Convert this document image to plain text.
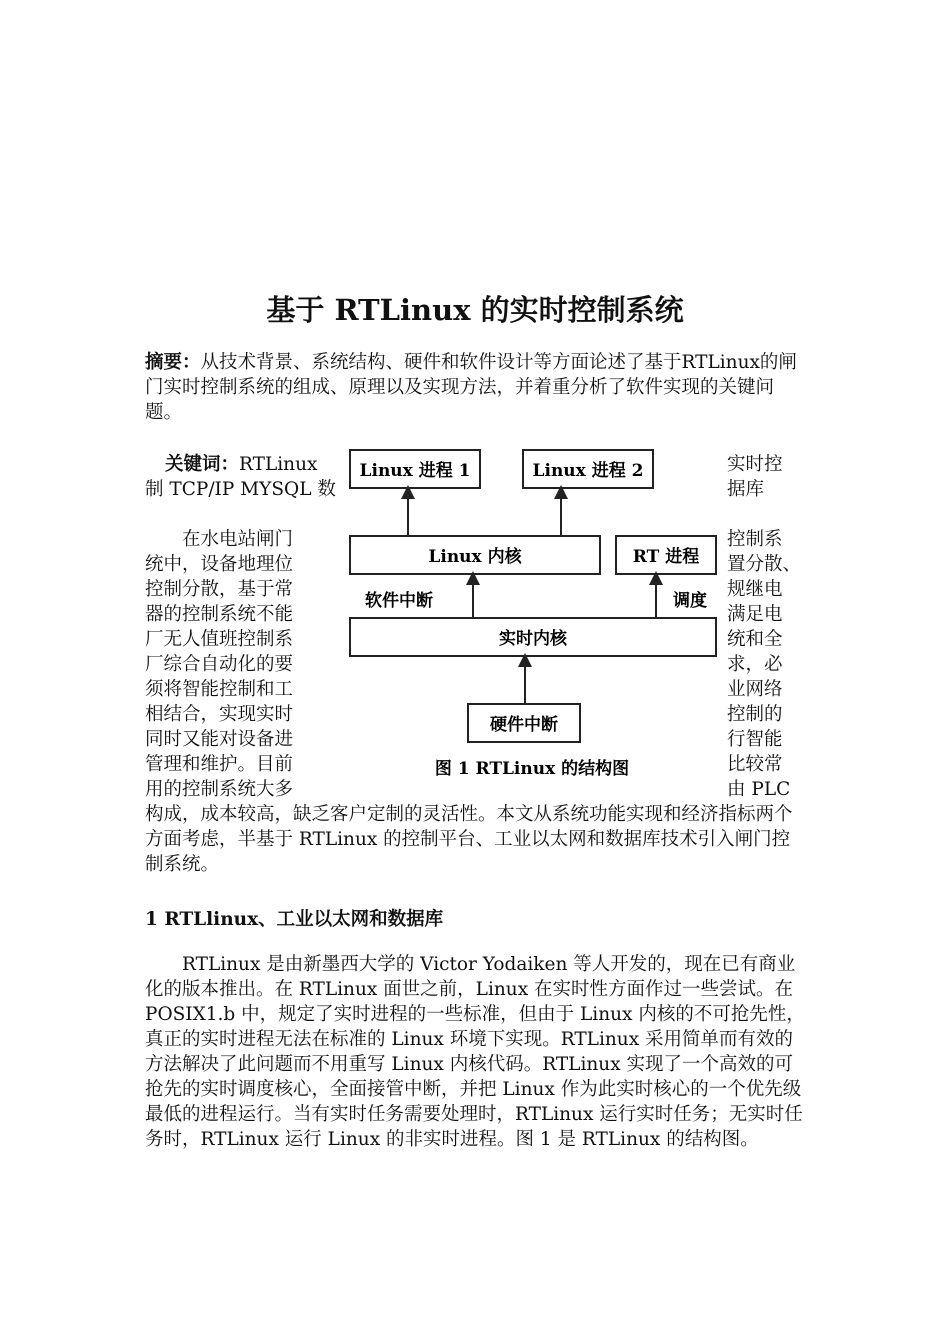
基于 RTLinux 的实时控制系统

摘要：从技术背景、系统结构、硬件和软件设计等方面论述了基于RTLinux的闸门实时控制系统的组成、原理以及实现方法，并着重分析了软件实现的关键问题。

关键词：RTLinux
制 TCP/IP MYSQL 数
　　在水电站闸门
统中，设备地理位
控制分散，基于常
器的控制系统不能
厂无人值班控制系
厂综合自动化的要
须将智能控制和工
相结合，实现实时
同时又能对设备进
管理和维护。目前
用的控制系统大多
实时控
据库
控制系
置分散、
规继电
满足电
统和全
求，必
业网络
控制的
行智能
比较常
由 PLC
Linux 进程 1	Linux 进程 2
Linux 内核	RT 进程
软件中断	调度
实时内核
硬件中断
图 1 RTLinux 的结构图

构成，成本较高，缺乏客户定制的灵活性。本文从系统功能实现和经济指标两个方面考虑，半基于 RTLinux 的控制平台、工业以太网和数据库技术引入闸门控制系统。

1 RTLlinux、工业以太网和数据库

　　RTLinux 是由新墨西大学的 Victor Yodaiken 等人开发的，现在已有商业化的版本推出。在 RTLinux 面世之前，Linux 在实时性方面作过一些尝试。在 POSIX1.b 中，规定了实时进程的一些标准，但由于 Linux 内核的不可抢先性，真正的实时进程无法在标准的 Linux 环境下实现。RTLinux 采用简单而有效的方法解决了此问题而不用重写 Linux 内核代码。RTLinux 实现了一个高效的可抢先的实时调度核心，全面接管中断，并把 Linux 作为此实时核心的一个优先级最低的进程运行。当有实时任务需要处理时，RTLinux 运行实时任务；无实时任务时，RTLinux 运行 Linux 的非实时进程。图 1 是 RTLinux 的结构图。
